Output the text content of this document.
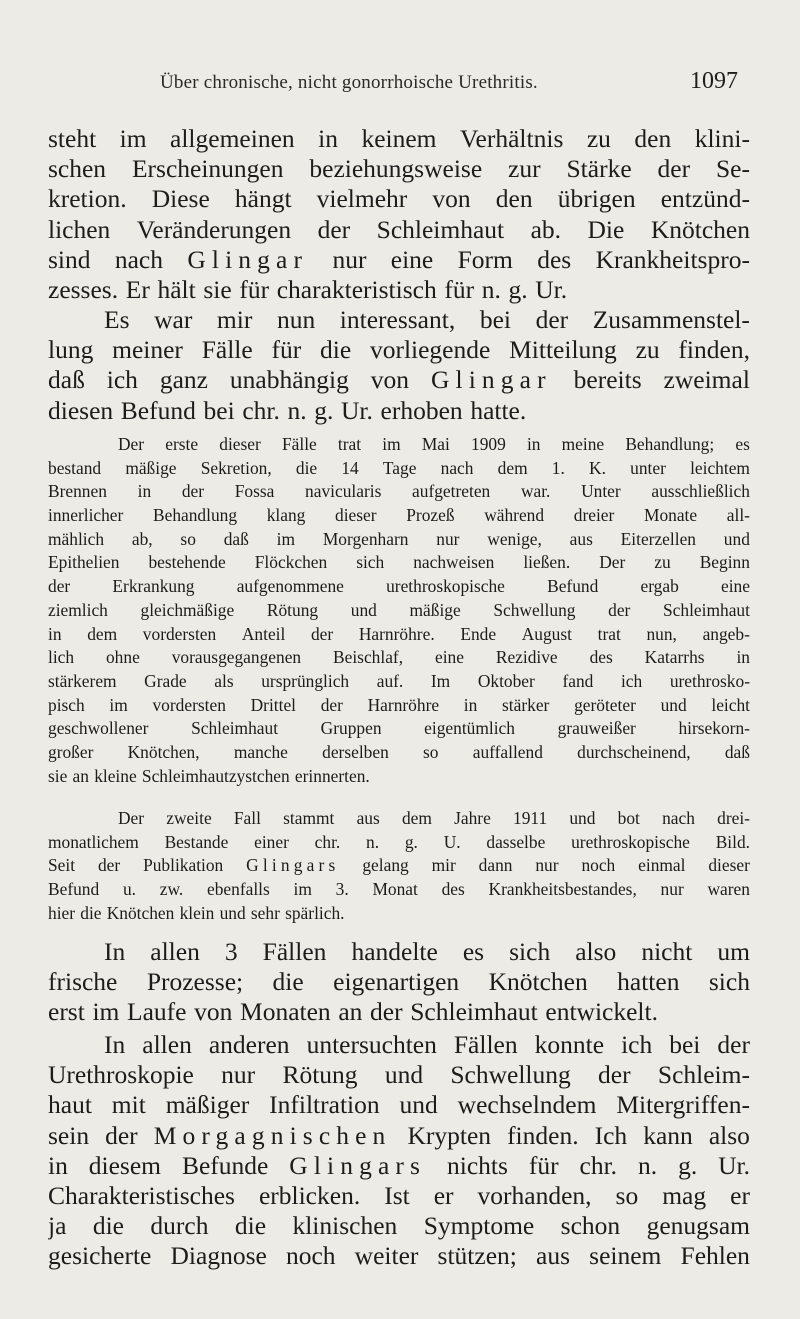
Über chronische, nicht gonorrhoische Urethritis.	1097
steht im allgemeinen in keinem Verhältnis zu den klini-
schen Erscheinungen beziehungsweise zur Stärke der Se-
kretion. Diese hängt vielmehr von den übrigen entzünd-
lichen Veränderungen der Schleimhaut ab. Die Knötchen
sind nach Glingar nur eine Form des Krankheitspro-
zesses. Er hält sie für charakteristisch für n. g. Ur.
Es war mir nun interessant, bei der Zusammenstel-
lung meiner Fälle für die vorliegende Mitteilung zu finden,
daß ich ganz unabhängig von Glingar bereits zweimal
diesen Befund bei chr. n. g. Ur. erhoben hatte.
Der erste dieser Fälle trat im Mai 1909 in meine Behandlung; es
bestand mäßige Sekretion, die 14 Tage nach dem 1. K. unter leichtem
Brennen in der Fossa navicularis aufgetreten war. Unter ausschließlich
innerlicher Behandlung klang dieser Prozeß während dreier Monate all-
mählich ab, so daß im Morgenharn nur wenige, aus Eiterzellen und
Epithelien bestehende Flöckchen sich nachweisen ließen. Der zu Beginn
der Erkrankung aufgenommene urethroskopische Befund ergab eine
ziemlich gleichmäßige Rötung und mäßige Schwellung der Schleimhaut
in dem vordersten Anteil der Harnröhre. Ende August trat nun, angeb-
lich ohne vorausgegangenen Beischlaf, eine Rezidive des Katarrhs in
stärkerem Grade als ursprünglich auf. Im Oktober fand ich urethrosko-
pisch im vordersten Drittel der Harnröhre in stärker geröteter und leicht
geschwollener Schleimhaut Gruppen eigentümlich grauweißer hirsekorn-
großer Knötchen, manche derselben so auffallend durchscheinend, daß
sie an kleine Schleimhautzystchen erinnerten.
Der zweite Fall stammt aus dem Jahre 1911 und bot nach drei-
monatlichem Bestande einer chr. n. g. U. dasselbe urethroskopische Bild.
Seit der Publikation Glingars gelang mir dann nur noch einmal dieser
Befund u. zw. ebenfalls im 3. Monat des Krankheitsbestandes, nur waren
hier die Knötchen klein und sehr spärlich.
In allen 3 Fällen handelte es sich also nicht um
frische Prozesse; die eigenartigen Knötchen hatten sich
erst im Laufe von Monaten an der Schleimhaut entwickelt.
In allen anderen untersuchten Fällen konnte ich bei der
Urethroskopie nur Rötung und Schwellung der Schleim-
haut mit mäßiger Infiltration und wechselndem Mitergriffen-
sein der Morgagnischen Krypten finden. Ich kann also
in diesem Befunde Glingars nichts für chr. n. g. Ur.
Charakteristisches erblicken. Ist er vorhanden, so mag er
ja die durch die klinischen Symptome schon genugsam
gesicherte Diagnose noch weiter stützen; aus seinem Fehlen
